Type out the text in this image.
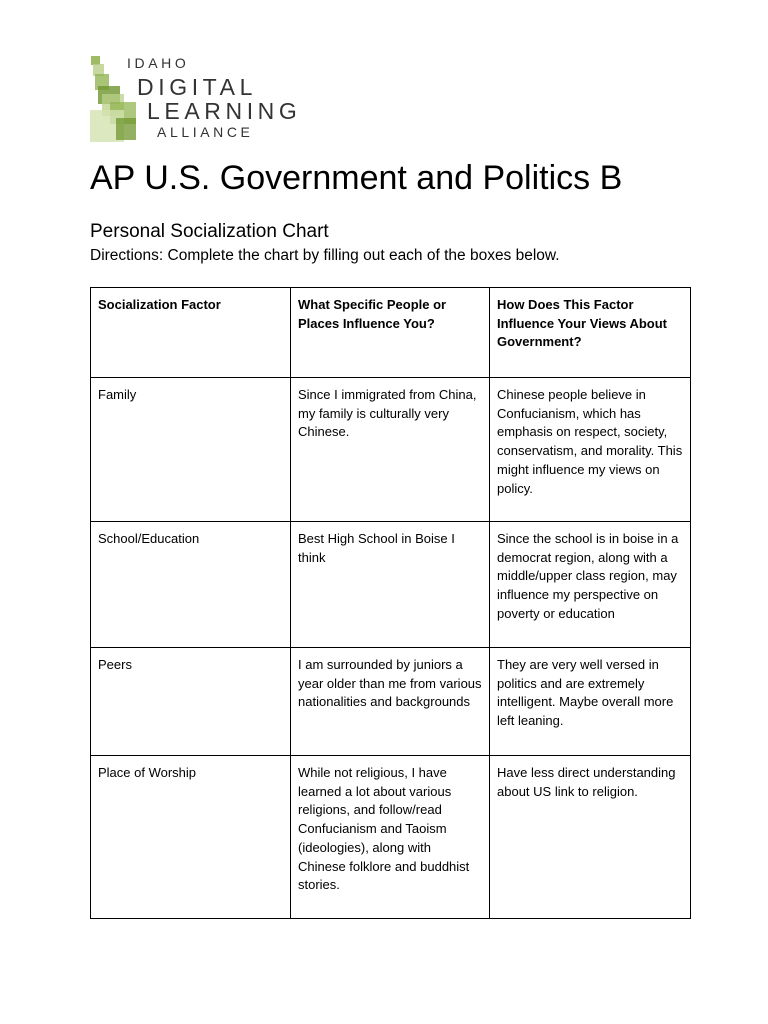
IDAHO
DIGITAL
LEARNING
ALLIANCE
AP U.S. Government and Politics B
Personal Socialization Chart

Directions: Complete the chart by filling out each of the boxes below.

Socialization Factor	What Specific People or Places Influence You?	How Does This Factor Influence Your Views About Government?
Family	Since I immigrated from China, my family is culturally very Chinese.	Chinese people believe in Confucianism, which has emphasis on respect, society, conservatism, and morality. This might influence my views on policy.
School/Education	Best High School in Boise I think	Since the school is in boise in a democrat region, along with a middle/upper class region, may influence my perspective on poverty or education
Peers	I am surrounded by juniors a year older than me from various nationalities and backgrounds	They are very well versed in politics and are extremely intelligent. Maybe overall more left leaning.
Place of Worship	While not religious, I have learned a lot about various religions, and follow/read Confucianism and Taoism (ideologies), along with Chinese folklore and buddhist stories.	Have less direct understanding about US link to religion.
